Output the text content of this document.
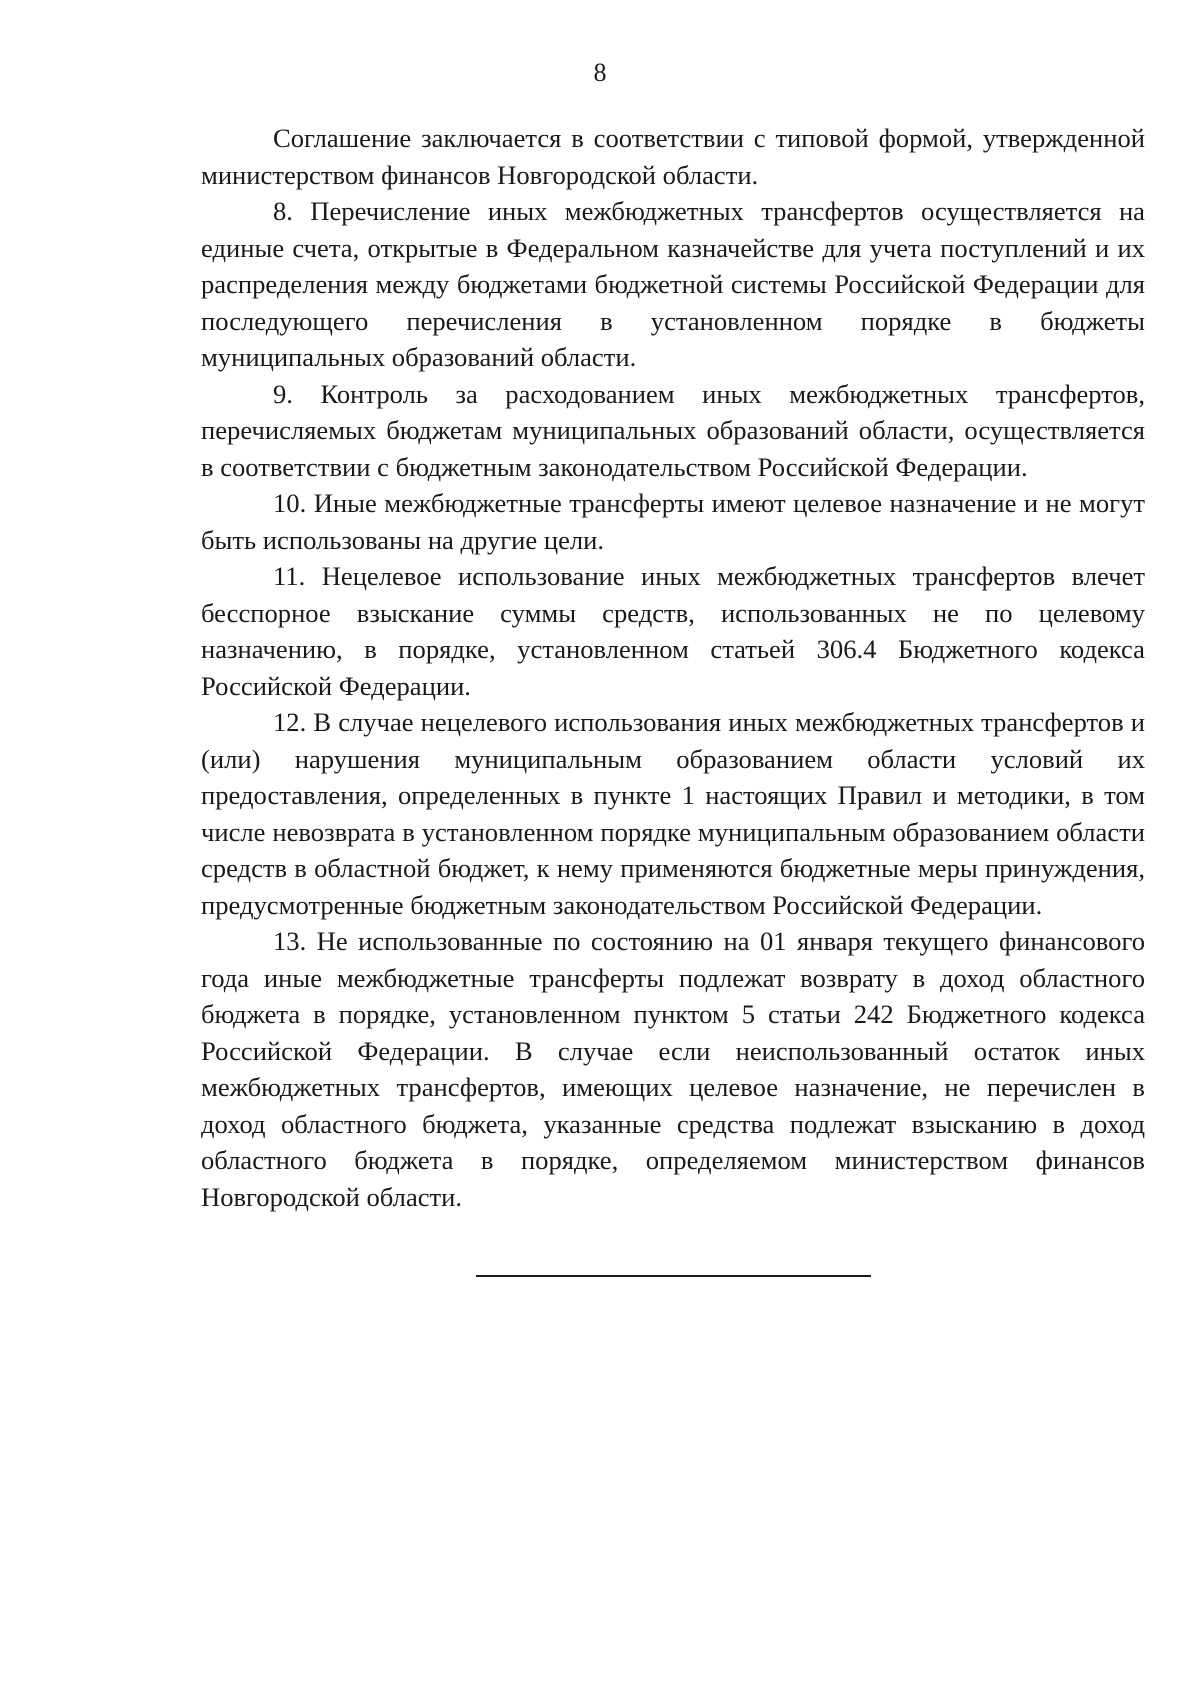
8

Соглашение заключается в соответствии с типовой формой, утвержденной министерством финансов Новгородской области.

8. Перечисление иных межбюджетных трансфертов осуществляется на единые счета, открытые в Федеральном казначействе для учета поступлений и их распределения между бюджетами бюджетной системы Российской Федерации для последующего перечисления в установленном порядке в бюджеты муниципальных образований области.

9. Контроль за расходованием иных межбюджетных трансфертов, перечисляемых бюджетам муниципальных образований области, осуществляется в соответствии с бюджетным законодательством Российской Федерации.

10. Иные межбюджетные трансферты имеют целевое назначение и не могут быть использованы на другие цели.

11. Нецелевое использование иных межбюджетных трансфертов влечет бесспорное взыскание суммы средств, использованных не по целевому назначению, в порядке, установленном статьей 306.4 Бюджетного кодекса Российской Федерации.

12. В случае нецелевого использования иных межбюджетных трансфертов и (или) нарушения муниципальным образованием области условий их предоставления, определенных в пункте 1 настоящих Правил и методики, в том числе невозврата в установленном порядке муниципальным образованием области средств в областной бюджет, к нему применяются бюджетные меры принуждения, предусмотренные бюджетным законодательством Российской Федерации.

13. Не использованные по состоянию на 01 января текущего финансового года иные межбюджетные трансферты подлежат возврату в доход областного бюджета в порядке, установленном пунктом 5 статьи 242 Бюджетного кодекса Российской Федерации. В случае если неиспользованный остаток иных межбюджетных трансфертов, имеющих целевое назначение, не перечислен в доход областного бюджета, указанные средства подлежат взысканию в доход областного бюджета в порядке, определяемом министерством финансов Новгородской области.
